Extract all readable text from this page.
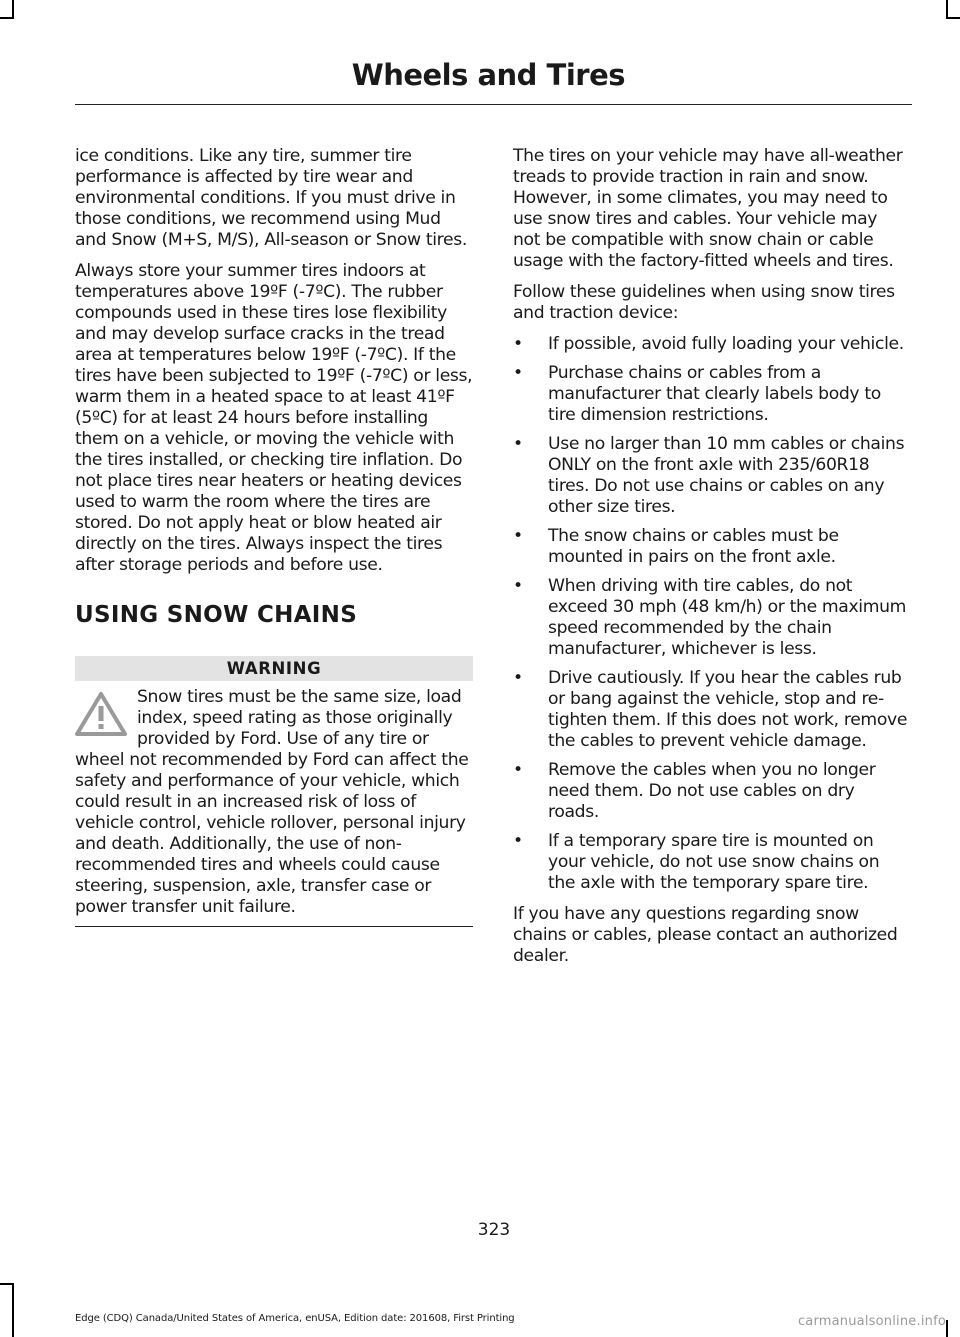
Wheels and Tires

ice conditions. Like any tire, summer tire performance is affected by tire wear and environmental conditions. If you must drive in those conditions, we recommend using Mud and Snow (M+S, M/S), All-season or Snow tires.

Always store your summer tires indoors at temperatures above 19ºF (-7ºC). The rubber compounds used in these tires lose flexibility and may develop surface cracks in the tread area at temperatures below 19ºF (-7ºC). If the tires have been subjected to 19ºF (-7ºC) or less, warm them in a heated space to at least 41ºF (5ºC) for at least 24 hours before installing them on a vehicle, or moving the vehicle with the tires installed, or checking tire inflation. Do not place tires near heaters or heating devices used to warm the room where the tires are stored. Do not apply heat or blow heated air directly on the tires. Always inspect the tires after storage periods and before use.

USING SNOW CHAINS
WARNING
Snow tires must be the same size, load index, speed rating as those originally provided by Ford. Use of any tire or wheel not recommended by Ford can affect the safety and performance of your vehicle, which could result in an increased risk of loss of vehicle control, vehicle rollover, personal injury and death. Additionally, the use of non-recommended tires and wheels could cause steering, suspension, axle, transfer case or power transfer unit failure.

The tires on your vehicle may have all-weather treads to provide traction in rain and snow. However, in some climates, you may need to use snow tires and cables. Your vehicle may not be compatible with snow chain or cable usage with the factory-fitted wheels and tires.

Follow these guidelines when using snow tires and traction device:

• If possible, avoid fully loading your vehicle.
• Purchase chains or cables from a manufacturer that clearly labels body to tire dimension restrictions.
• Use no larger than 10 mm cables or chains ONLY on the front axle with 235/60R18 tires. Do not use chains or cables on any other size tires.
• The snow chains or cables must be mounted in pairs on the front axle.
• When driving with tire cables, do not exceed 30 mph (48 km/h) or the maximum speed recommended by the chain manufacturer, whichever is less.
• Drive cautiously. If you hear the cables rub or bang against the vehicle, stop and re-tighten them. If this does not work, remove the cables to prevent vehicle damage.
• Remove the cables when you no longer need them. Do not use cables on dry roads.
• If a temporary spare tire is mounted on your vehicle, do not use snow chains on the axle with the temporary spare tire.

If you have any questions regarding snow chains or cables, please contact an authorized dealer.

323
Edge (CDQ) Canada/United States of America, enUSA, Edition date: 201608, First Printing	carmanualsonline.info
